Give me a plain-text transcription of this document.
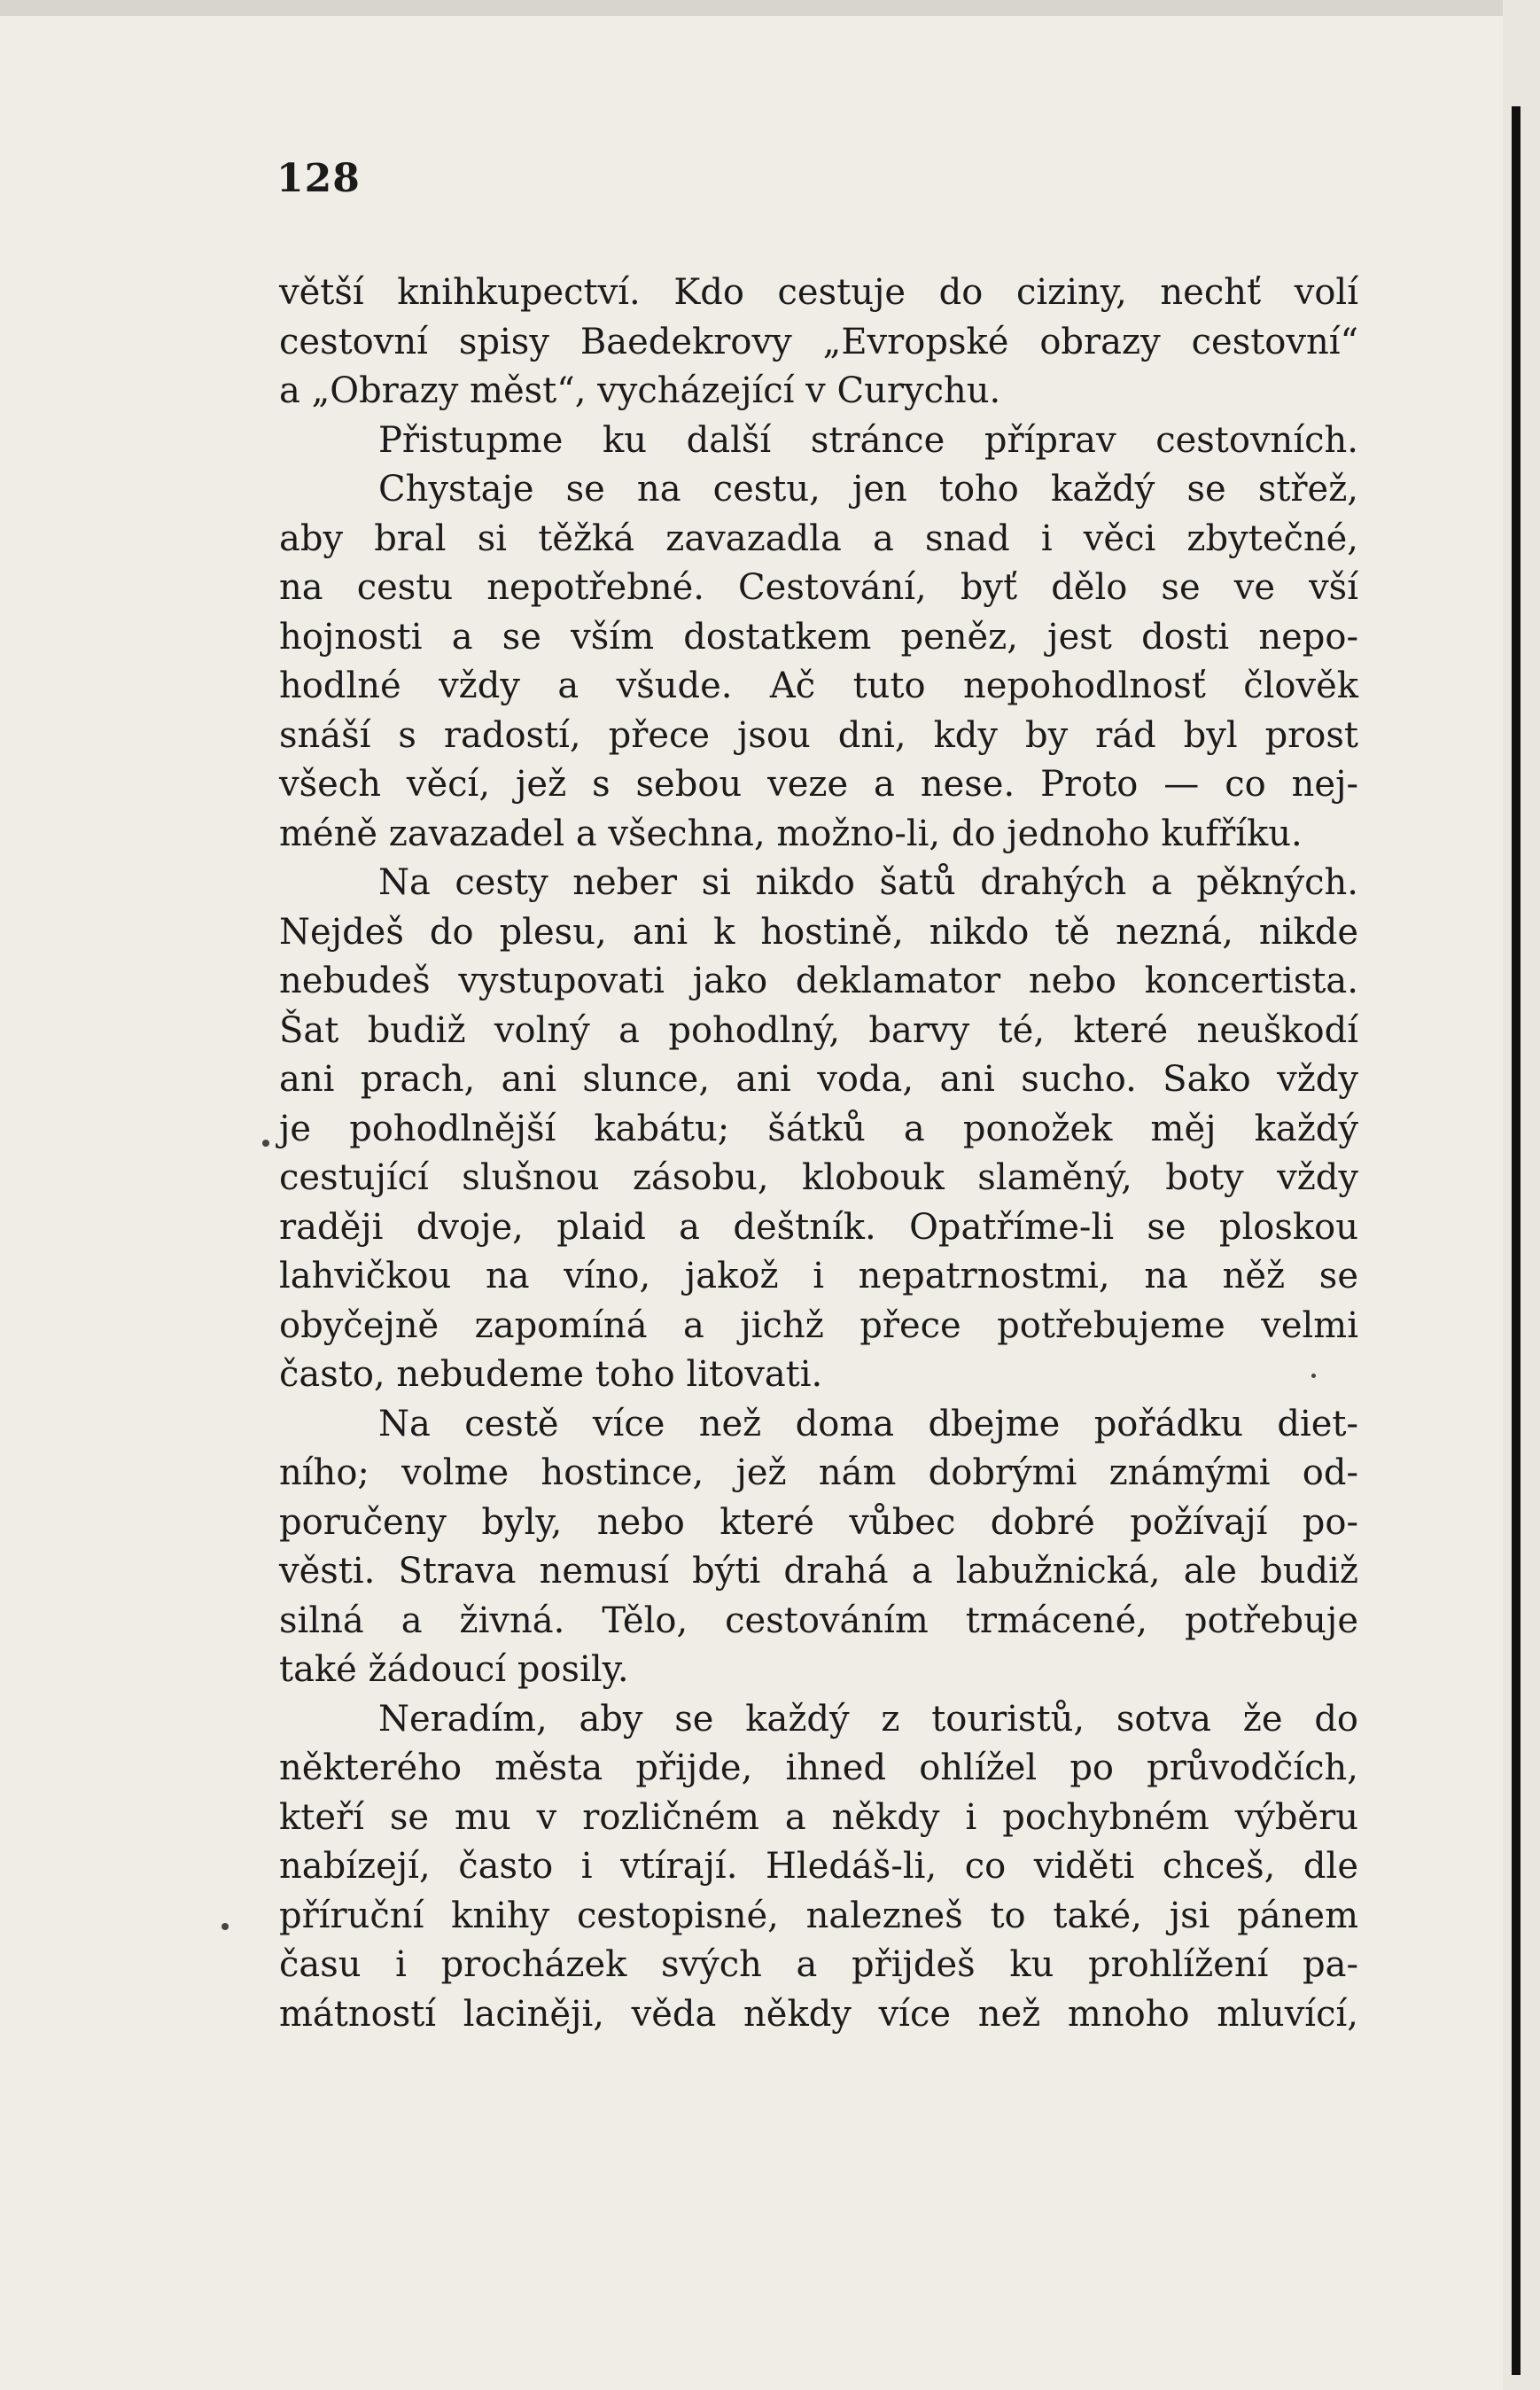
128
větší knihkupectví. Kdo cestuje do ciziny, nechť volí
cestovní spisy Baedekrovy „Evropské obrazy cestovní“
a „Obrazy měst“, vycházející v Curychu.
Přistupme ku další stránce příprav cestovních.
Chystaje se na cestu, jen toho každý se střež,
aby bral si těžká zavazadla a snad i věci zbytečné,
na cestu nepotřebné. Cestování, byť dělo se ve vší
hojnosti a se vším dostatkem peněz, jest dosti nepo-
hodlné vždy a všude. Ač tuto nepohodlnosť člověk
snáší s radostí, přece jsou dni, kdy by rád byl prost
všech věcí, jež s sebou veze a nese. Proto — co nej-
méně zavazadel a všechna, možno-li, do jednoho kufříku.
Na cesty neber si nikdo šatů drahých a pěkných.
Nejdeš do plesu, ani k hostině, nikdo tě nezná, nikde
nebudeš vystupovati jako deklamator nebo koncertista.
Šat budiž volný a pohodlný, barvy té, které neuškodí
ani prach, ani slunce, ani voda, ani sucho. Sako vždy
je pohodlnější kabátu; šátků a ponožek měj každý
cestující slušnou zásobu, klobouk slaměný, boty vždy
raději dvoje, plaid a deštník. Opatříme-li se ploskou
lahvičkou na víno, jakož i nepatrnostmi, na něž se
obyčejně zapomíná a jichž přece potřebujeme velmi
často, nebudeme toho litovati.
Na cestě více než doma dbejme pořádku diet-
ního; volme hostince, jež nám dobrými známými od-
poručeny byly, nebo které vůbec dobré požívají po-
věsti. Strava nemusí býti drahá a labužnická, ale budiž
silná a živná. Tělo, cestováním trmácené, potřebuje
také žádoucí posily.
Neradím, aby se každý z touristů, sotva že do
některého města přijde, ihned ohlížel po průvodčích,
kteří se mu v rozličném a někdy i pochybném výběru
nabízejí, často i vtírají. Hledáš-li, co viděti chceš, dle
příruční knihy cestopisné, nalezneš to také, jsi pánem
času i procházek svých a přijdeš ku prohlížení pa-
mátností laciněji, věda někdy více než mnoho mluvící,
